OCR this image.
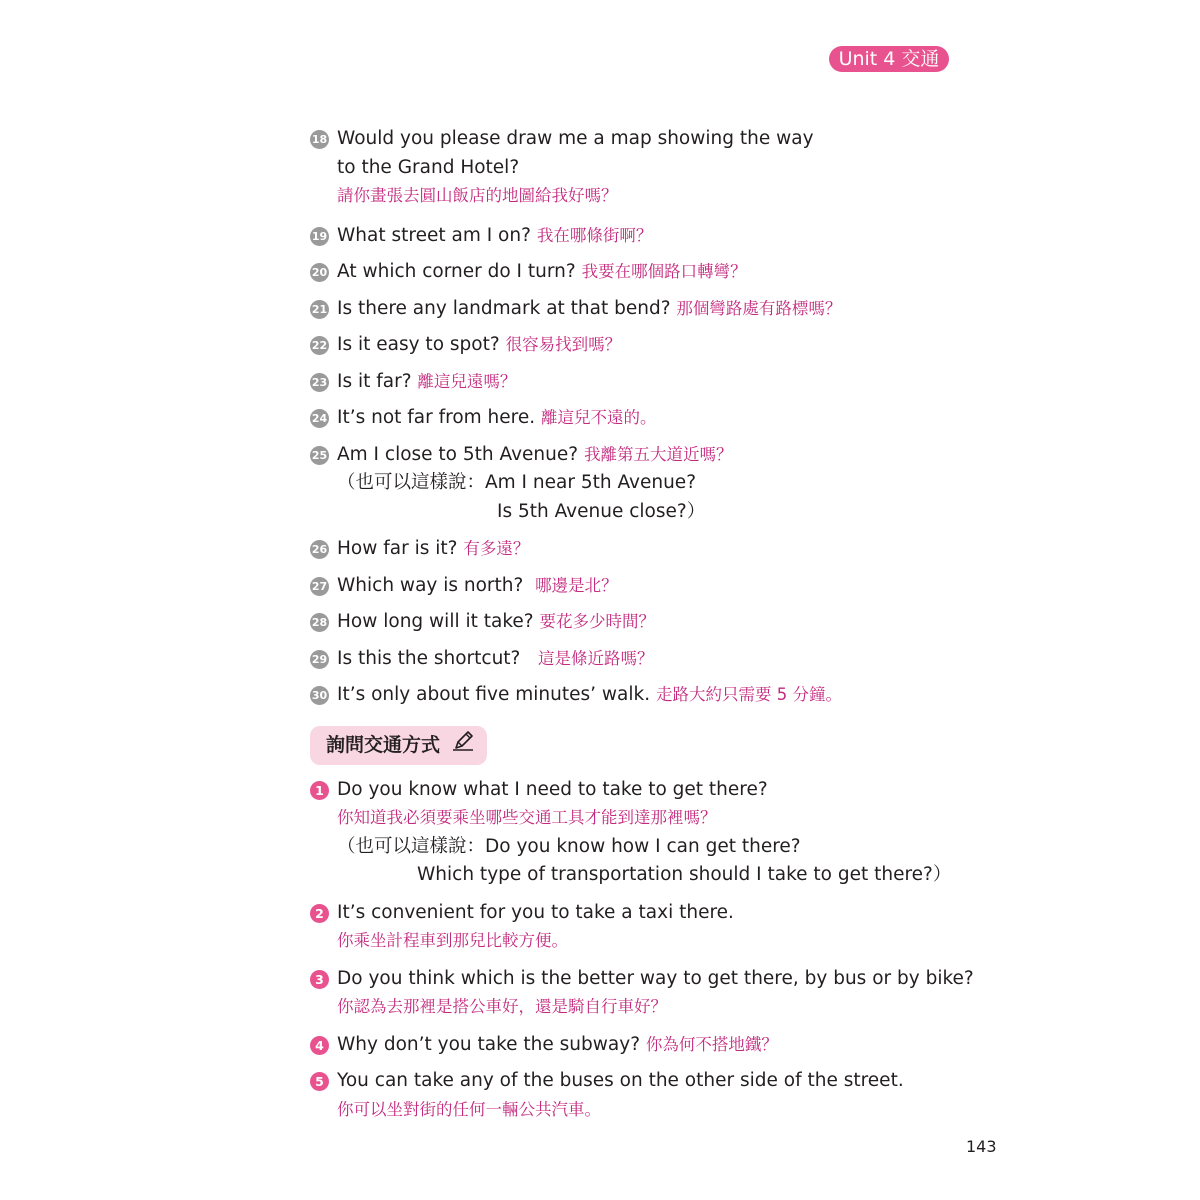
Unit 4 交通
18 Would you please draw me a map showing the way to the Grand Hotel?
請你畫張去圓山飯店的地圖給我好嗎？
19 What street am I on? 我在哪條街啊？
20 At which corner do I turn? 我要在哪個路口轉彎？
21 Is there any landmark at that bend? 那個彎路處有路標嗎？
22 Is it easy to spot? 很容易找到嗎？
23 Is it far? 離這兒遠嗎？
24 It’s not far from here. 離這兒不遠的。
25 Am I close to 5th Avenue? 我離第五大道近嗎？
（也可以這樣說：Am I near 5th Avenue?
Is 5th Avenue close?）
26 How far is it? 有多遠？
27 Which way is north? 哪邊是北？
28 How long will it take? 要花多少時間？
29 Is this the shortcut? 這是條近路嗎？
30 It’s only about five minutes’ walk. 走路大約只需要 5 分鐘。
詢問交通方式
1 Do you know what I need to take to get there?
你知道我必須要乘坐哪些交通工具才能到達那裡嗎？
（也可以這樣說：Do you know how I can get there?
Which type of transportation should I take to get there?）
2 It’s convenient for you to take a taxi there.
你乘坐計程車到那兒比較方便。
3 Do you think which is the better way to get there, by bus or by bike?
你認為去那裡是搭公車好，還是騎自行車好？
4 Why don’t you take the subway? 你為何不搭地鐵？
5 You can take any of the buses on the other side of the street.
你可以坐對街的任何一輛公共汽車。
143
